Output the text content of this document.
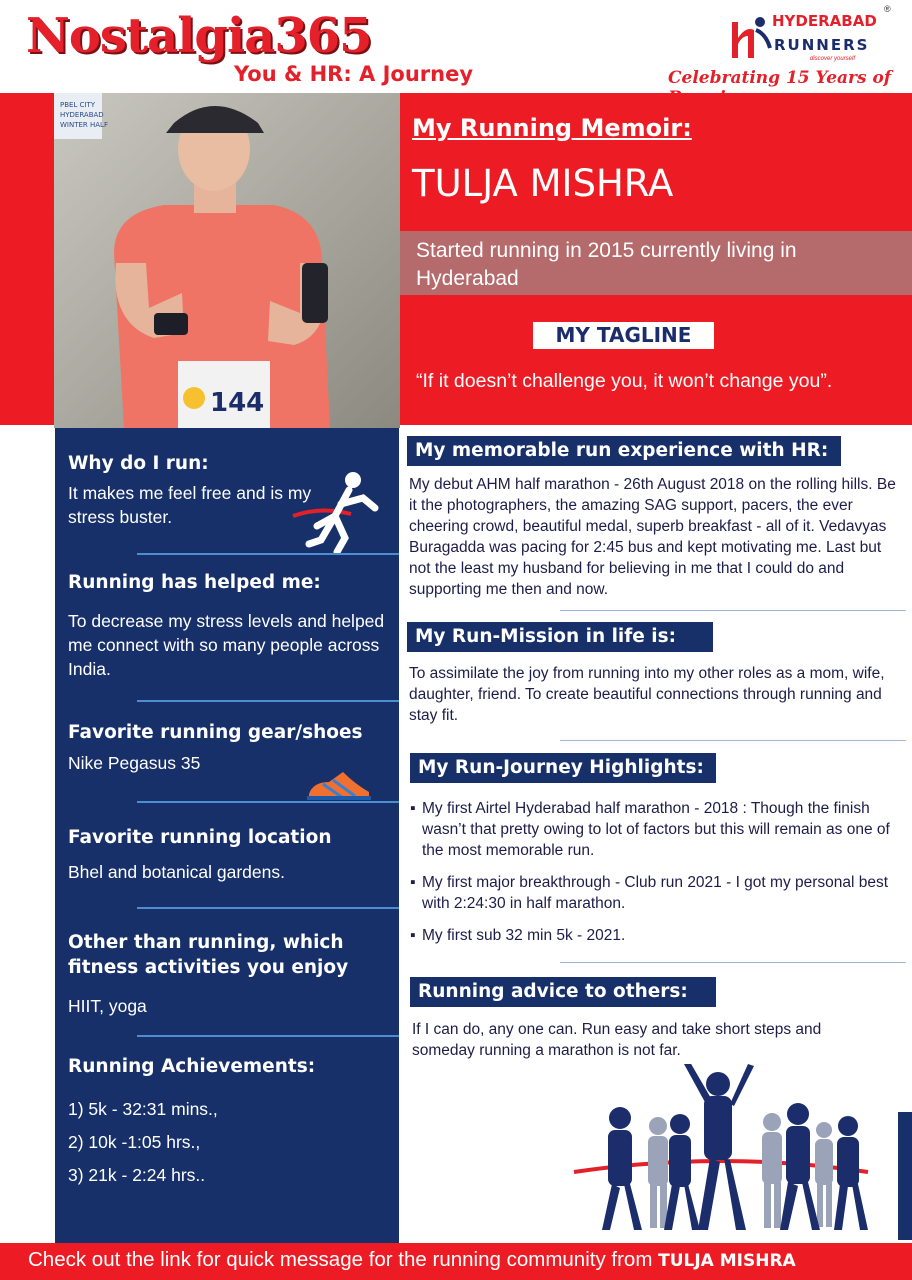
Nostalgia365
You & HR: A Journey
HYDERABAD
RUNNERS
®
discover yourself
Celebrating 15 Years of
PBEL CITY
HYDERABAD
WINTER HALF
144
My Running Memoir:
TULJA MISHRA
Started running in 2015 currently living in Hyderabad
MY TAGLINE
“If it doesn’t challenge you, it won’t change you”.
Why do I run:
It makes me feel free and is my stress buster.
Running has helped me:
To decrease my stress levels and helped me connect with so many people across India.
Favorite running gear/shoes
Nike Pegasus 35
Favorite running location
Bhel and botanical gardens.
Other than running, which fitness activities you enjoy
HIIT, yoga
Running Achievements:
1) 5k - 32:31 mins.,
2) 10k -1:05 hrs.,
3) 21k - 2:24 hrs..
My memorable run experience with HR:
My debut AHM half marathon - 26th August 2018 on the rolling hills. Be it the photographers, the amazing SAG support, pacers, the ever cheering crowd, beautiful medal, superb breakfast - all of it. Vedavyas Buragadda was pacing for 2:45 bus and kept motivating me. Last but not the least my husband for believing in me that I could do and supporting me then and now.
My Run-Mission in life is:
To assimilate the joy from running into my other roles as a mom, wife, daughter, friend. To create beautiful connections through running and stay fit.
My Run-Journey Highlights:
▪ My first Airtel Hyderabad half marathon - 2018 : Though the finish wasn’t that pretty owing to lot of factors but this will remain as one of the most memorable run.
▪ My first major breakthrough - Club run 2021 - I got my personal best with 2:24:30 in half marathon.
▪ My first sub 32 min 5k - 2021.
Running advice to others:
If I can do, any one can. Run easy and take short steps and someday running a marathon is not far.
Check out the link for quick message for the running community from TULJA MISHRA
